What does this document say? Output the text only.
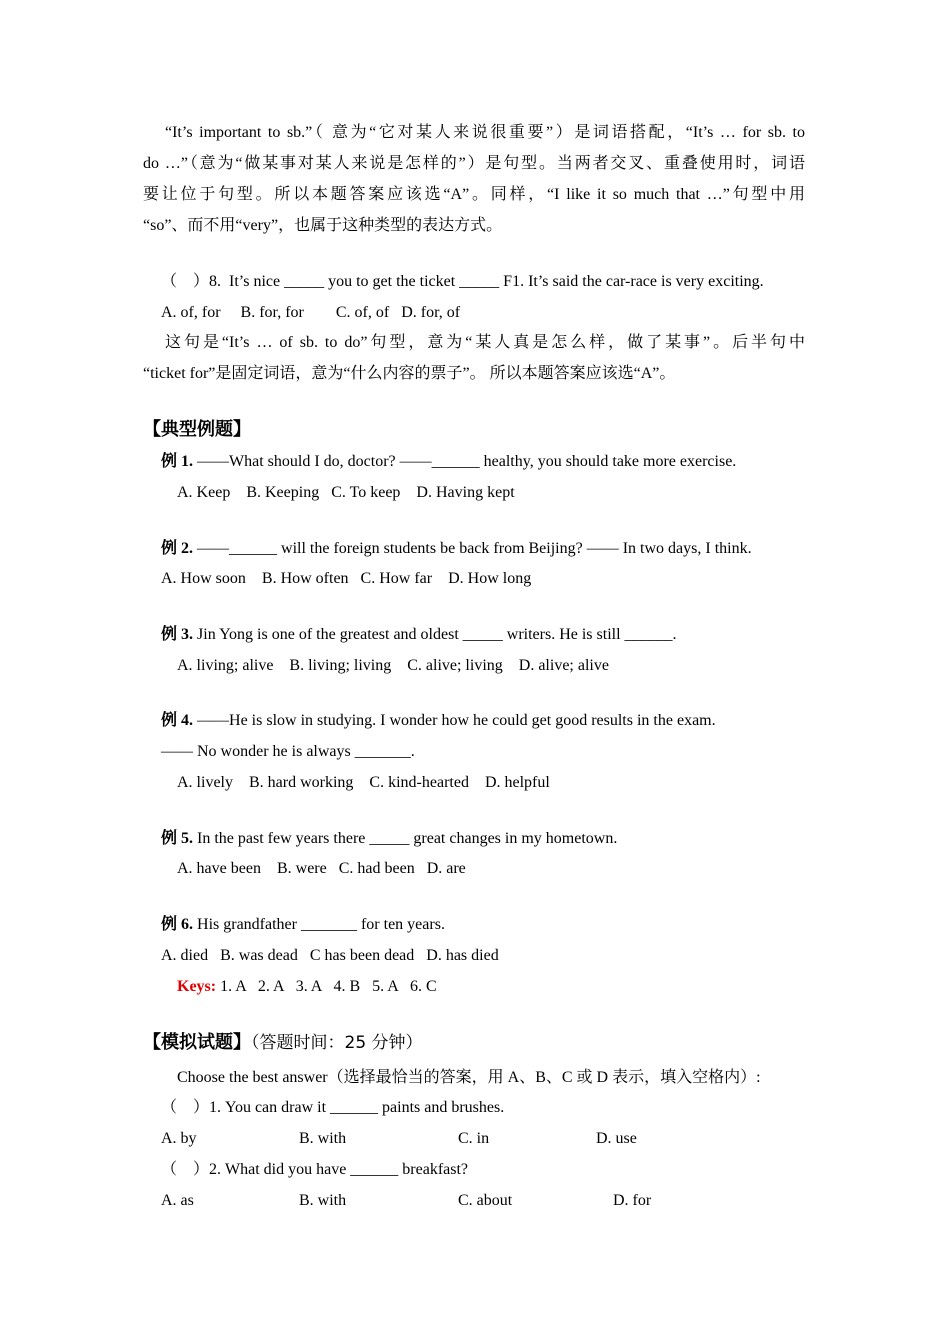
“It’s important to sb.”（ 意为“它对某人来说很重要”）是词语搭配，“It’s … for sb. to
do …”（意为“做某事对某人来说是怎样的”）是句型。当两者交叉、重叠使用时，词语
要让位于句型。所以本题答案应该选“A”。同样，“I like it so much that …”句型中用
“so”、而不用“very”，也属于这种类型的表达方式。
（　）8.  It’s nice _____ you to get the ticket _____ F1. It’s said the car-race is very exciting.
A. of, for     B. for, for        C. of, of   D. for, of
这句是“It’s … of sb. to do”句型，意为“某人真是怎么样，做了某事”。后半句中
“ticket for”是固定词语，意为“什么内容的票子”。 所以本题答案应该选“A”。
【典型例题】
例 1. ——What should I do, doctor? ——______ healthy, you should take more exercise.
A. Keep    B. Keeping   C. To keep    D. Having kept
例 2. ——______ will the foreign students be back from Beijing? —— In two days, I think.
A. How soon    B. How often   C. How far    D. How long
例 3. Jin Yong is one of the greatest and oldest _____ writers. He is still ______.
A. living; alive    B. living; living    C. alive; living    D. alive; alive
例 4. ——He is slow in studying. I wonder how he could get good results in the exam.
—— No wonder he is always _______.
A. lively    B. hard working    C. kind-hearted    D. helpful
例 5. In the past few years there _____ great changes in my hometown.
A. have been    B. were   C. had been   D. are
例 6. His grandfather _______ for ten years.
A. died   B. was dead   C has been dead   D. has died
Keys: 1. A   2. A   3. A   4. B   5. A   6. C
【模拟试题】（答题时间：25 分钟）
Choose the best answer（选择最恰当的答案，用 A、B、C 或 D 表示，填入空格内）:
（　）1. You can draw it ______ paints and brushes.
A. by	B. with	C. in	D. use
（　）2. What did you have ______ breakfast?
A. as	B. with	C. about	D. for
